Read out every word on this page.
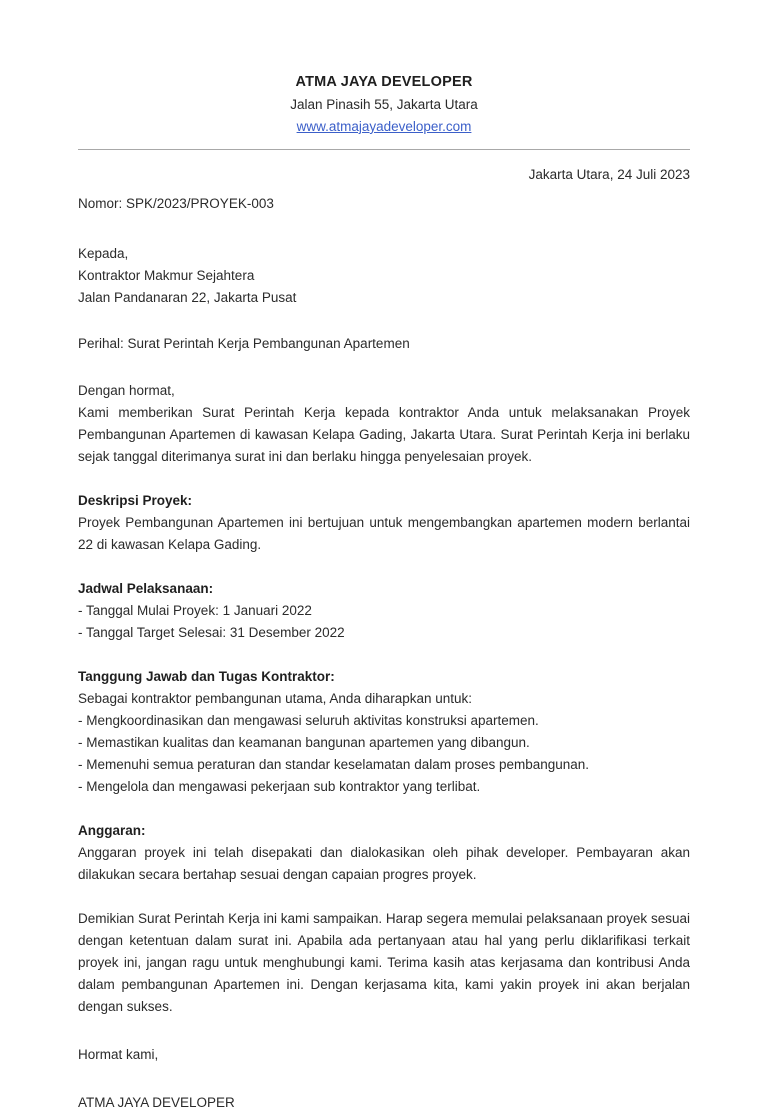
ATMA JAYA DEVELOPER
Jalan Pinasih 55, Jakarta Utara
www.atmajayadeveloper.com
Jakarta Utara, 24 Juli 2023
Nomor: SPK/2023/PROYEK-003
Kepada,
Kontraktor Makmur Sejahtera
Jalan Pandanaran 22, Jakarta Pusat
Perihal: Surat Perintah Kerja Pembangunan Apartemen
Dengan hormat,

Kami memberikan Surat Perintah Kerja kepada kontraktor Anda untuk melaksanakan Proyek Pembangunan Apartemen di kawasan Kelapa Gading, Jakarta Utara. Surat Perintah Kerja ini berlaku sejak tanggal diterimanya surat ini dan berlaku hingga penyelesaian proyek.

Deskripsi Proyek:
Proyek Pembangunan Apartemen ini bertujuan untuk mengembangkan apartemen modern berlantai 22 di kawasan Kelapa Gading.
Jadwal Pelaksanaan:
- Tanggal Mulai Proyek: 1 Januari 2022
- Tanggal Target Selesai: 31 Desember 2022
Tanggung Jawab dan Tugas Kontraktor:
Sebagai kontraktor pembangunan utama, Anda diharapkan untuk:
- Mengkoordinasikan dan mengawasi seluruh aktivitas konstruksi apartemen.
- Memastikan kualitas dan keamanan bangunan apartemen yang dibangun.
- Memenuhi semua peraturan dan standar keselamatan dalam proses pembangunan.
- Mengelola dan mengawasi pekerjaan sub kontraktor yang terlibat.
Anggaran:
Anggaran proyek ini telah disepakati dan dialokasikan oleh pihak developer. Pembayaran akan dilakukan secara bertahap sesuai dengan capaian progres proyek.

Demikian Surat Perintah Kerja ini kami sampaikan. Harap segera memulai pelaksanaan proyek sesuai dengan ketentuan dalam surat ini. Apabila ada pertanyaan atau hal yang perlu diklarifikasi terkait proyek ini, jangan ragu untuk menghubungi kami. Terima kasih atas kerjasama dan kontribusi Anda dalam pembangunan Apartemen ini. Dengan kerjasama kita, kami yakin proyek ini akan berjalan dengan sukses.

Hormat kami,
ATMA JAYA DEVELOPER
